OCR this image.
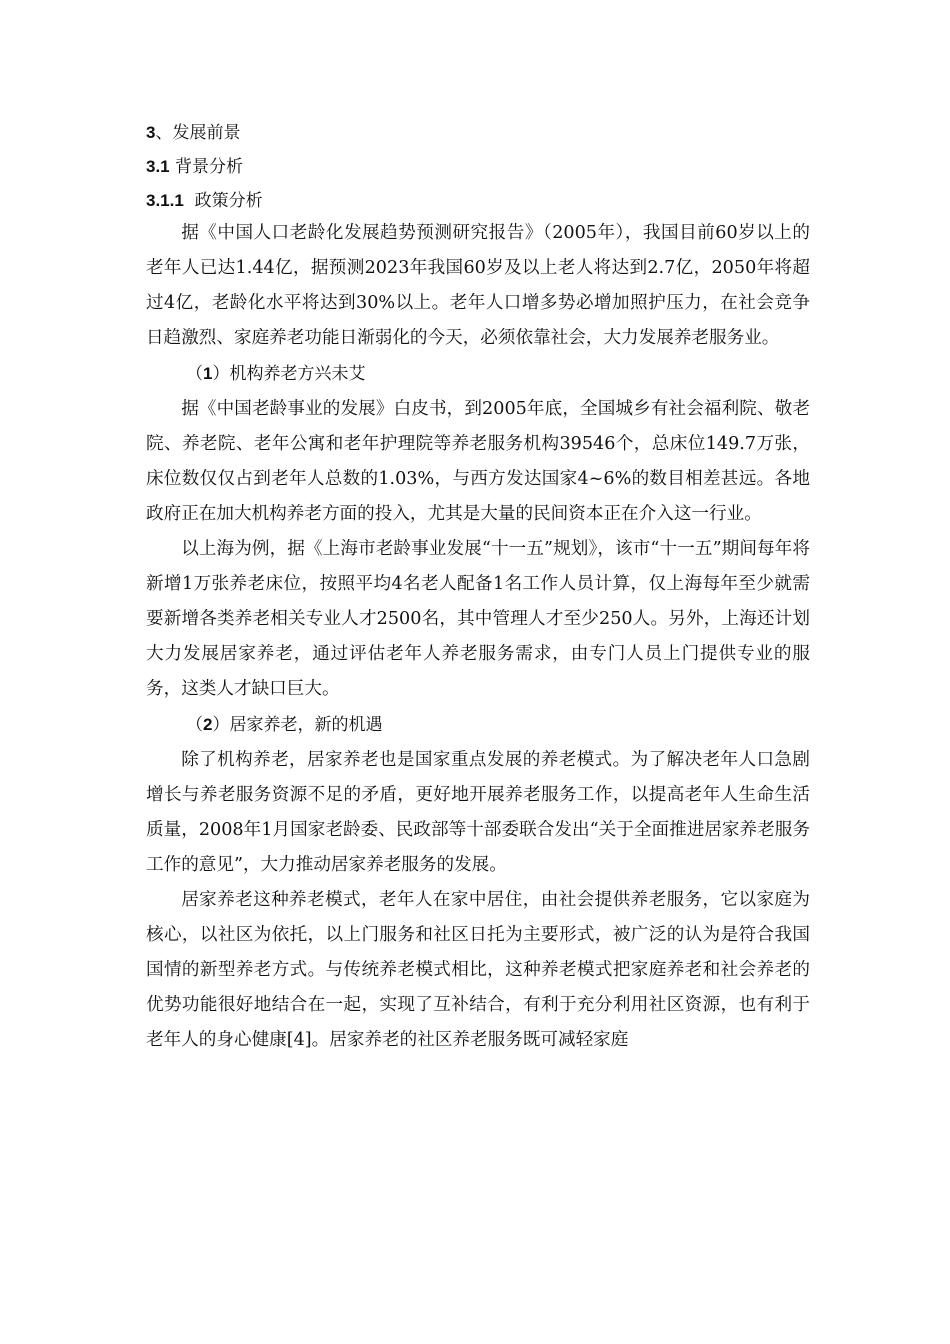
3、发展前景
3.1 背景分析
3.1.1  政策分析

据《中国人口老龄化发展趋势预测研究报告》（2005年），我国目前60岁以上的老年人已达1.44亿，据预测2023年我国60岁及以上老人将达到2.7亿，2050年将超过4亿，老龄化水平将达到30%以上。老年人口增多势必增加照护压力，在社会竞争日趋激烈、家庭养老功能日渐弱化的今天，必须依靠社会，大力发展养老服务业。

（1）机构养老方兴未艾

据《中国老龄事业的发展》白皮书，到2005年底，全国城乡有社会福利院、敬老院、养老院、老年公寓和老年护理院等养老服务机构39546个，总床位149.7万张，床位数仅仅占到老年人总数的1.03%，与西方发达国家4~6%的数目相差甚远。各地政府正在加大机构养老方面的投入，尤其是大量的民间资本正在介入这一行业。

以上海为例，据《上海市老龄事业发展“十一五”规划》，该市“十一五”期间每年将新增1万张养老床位，按照平均4名老人配备1名工作人员计算，仅上海每年至少就需要新增各类养老相关专业人才2500名，其中管理人才至少250人。另外，上海还计划大力发展居家养老，通过评估老年人养老服务需求，由专门人员上门提供专业的服务，这类人才缺口巨大。

（2）居家养老，新的机遇

除了机构养老，居家养老也是国家重点发展的养老模式。为了解决老年人口急剧增长与养老服务资源不足的矛盾，更好地开展养老服务工作，以提高老年人生命生活质量，2008年1月国家老龄委、民政部等十部委联合发出“关于全面推进居家养老服务工作的意见”，大力推动居家养老服务的发展。

居家养老这种养老模式，老年人在家中居住，由社会提供养老服务，它以家庭为核心，以社区为依托，以上门服务和社区日托为主要形式，被广泛的认为是符合我国国情的新型养老方式。与传统养老模式相比，这种养老模式把家庭养老和社会养老的优势功能很好地结合在一起，实现了互补结合，有利于充分利用社区资源，也有利于老年人的身心健康[4]。居家养老的社区养老服务既可减轻家庭
